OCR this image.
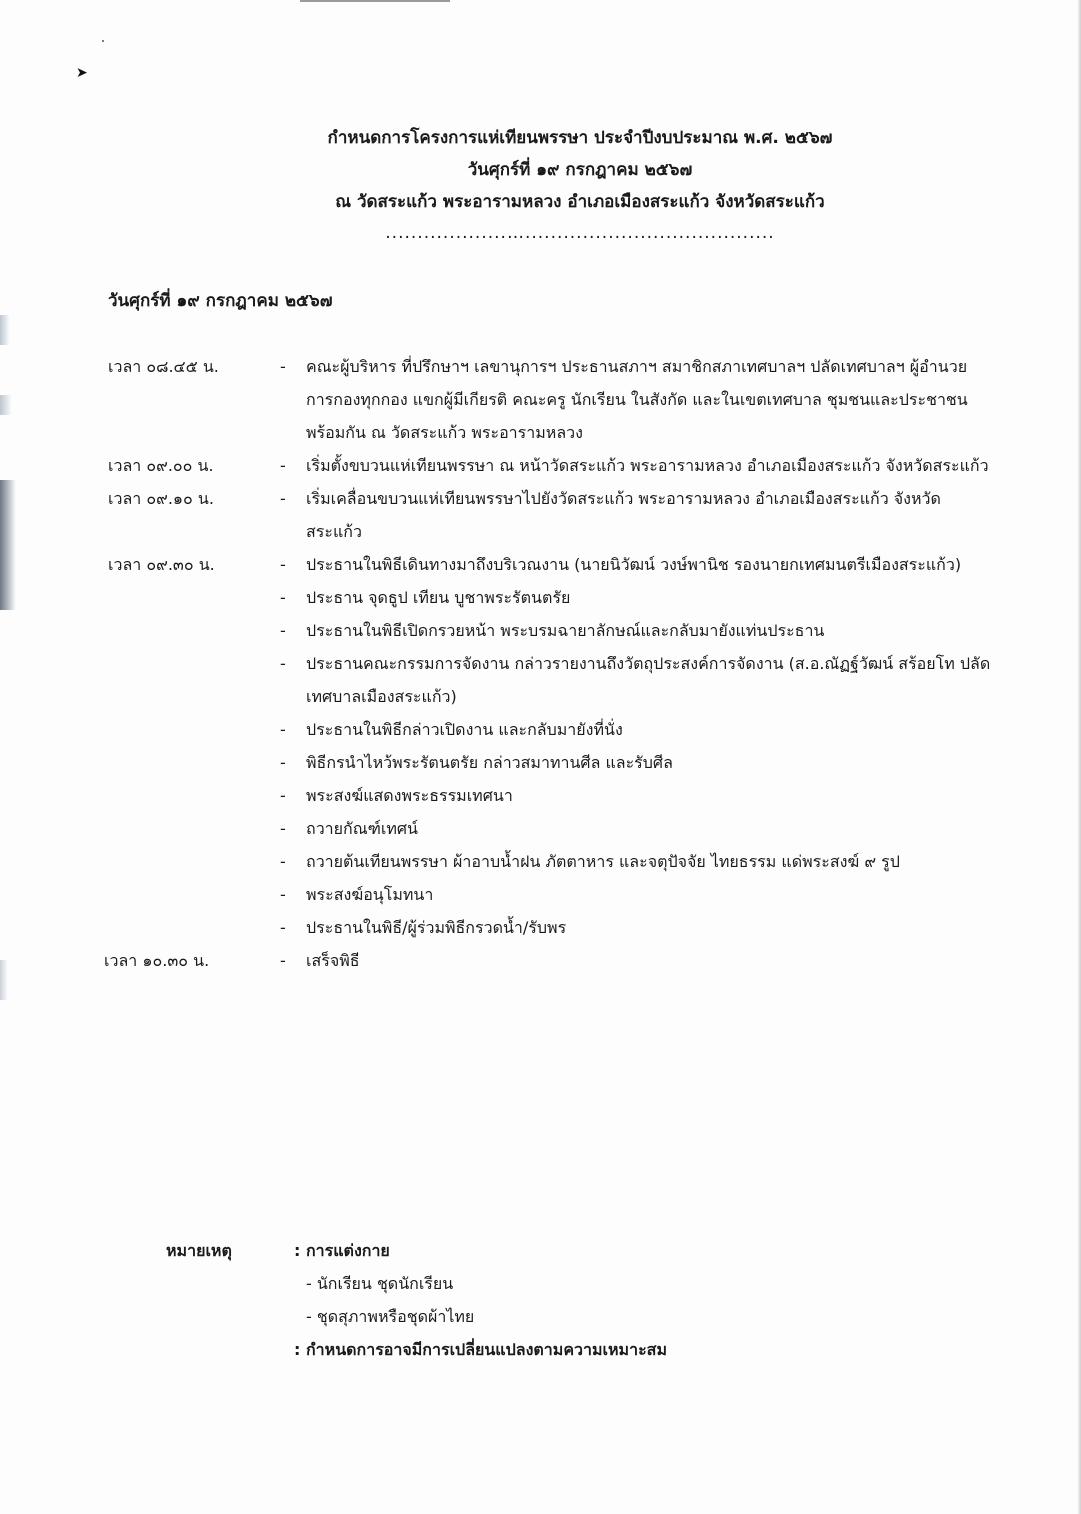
➤
กำหนดการโครงการแห่เทียนพรรษา ประจำปีงบประมาณ พ.ศ. ๒๕๖๗
วันศุกร์ที่ ๑๙ กรกฎาคม ๒๕๖๗
ณ วัดสระแก้ว พระอารามหลวง อำเภอเมืองสระแก้ว จังหวัดสระแก้ว
...................….......................................
วันศุกร์ที่ ๑๙ กรกฎาคม ๒๕๖๗
เวลา ๐๘.๔๕ น.	- คณะผู้บริหาร ที่ปรึกษาฯ เลขานุการฯ ประธานสภาฯ สมาชิกสภาเทศบาลฯ ปลัดเทศบาลฯ ผู้อำนวยการกองทุกกอง แขกผู้มีเกียรติ คณะครู นักเรียน ในสังกัด และในเขตเทศบาล ชุมชนและประชาชน พร้อมกัน ณ วัดสระแก้ว พระอารามหลวง
เวลา ๐๙.๐๐ น.	- เริ่มตั้งขบวนแห่เทียนพรรษา ณ หน้าวัดสระแก้ว พระอารามหลวง อำเภอเมืองสระแก้ว จังหวัดสระแก้ว
เวลา ๐๙.๑๐ น.	- เริ่มเคลื่อนขบวนแห่เทียนพรรษาไปยังวัดสระแก้ว พระอารามหลวง อำเภอเมืองสระแก้ว จังหวัดสระแก้ว
เวลา ๐๙.๓๐ น.	- ประธานในพิธีเดินทางมาถึงบริเวณงาน (นายนิวัฒน์ วงษ์พานิช รองนายกเทศมนตรีเมืองสระแก้ว)
- ประธาน จุดธูป เทียน บูชาพระรัตนตรัย
- ประธานในพิธีเปิดกรวยหน้า พระบรมฉายาลักษณ์และกลับมายังแท่นประธาน
- ประธานคณะกรรมการจัดงาน กล่าวรายงานถึงวัตถุประสงค์การจัดงาน (ส.อ.ณัฏฐ์วัฒน์ สร้อยโท ปลัดเทศบาลเมืองสระแก้ว)
- ประธานในพิธีกล่าวเปิดงาน และกลับมายังที่นั่ง
- พิธีกรนำไหว้พระรัตนตรัย กล่าวสมาทานศีล และรับศีล
- พระสงฆ์แสดงพระธรรมเทศนา
- ถวายกัณฑ์เทศน์
- ถวายต้นเทียนพรรษา ผ้าอาบน้ำฝน ภัตตาหาร และจตุปัจจัย ไทยธรรม แด่พระสงฆ์ ๙ รูป
- พระสงฆ์อนุโมทนา
- ประธานในพิธี/ผู้ร่วมพิธีกรวดน้ำ/รับพร
เวลา ๑๐.๓๐ น.	- เสร็จพิธี
หมายเหตุ	: การแต่งกาย
- นักเรียน ชุดนักเรียน
- ชุดสุภาพหรือชุดผ้าไทย
: กำหนดการอาจมีการเปลี่ยนแปลงตามความเหมาะสม
